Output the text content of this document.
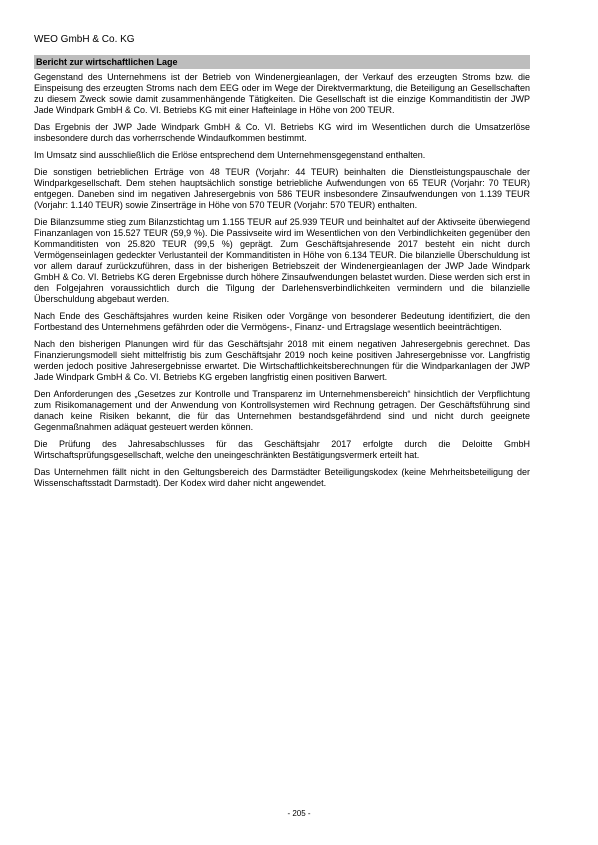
WEO GmbH & Co. KG
Bericht zur wirtschaftlichen Lage

Gegenstand des Unternehmens ist der Betrieb von Windenergieanlagen, der Verkauf des erzeugten Stroms bzw. die Einspeisung des erzeugten Stroms nach dem EEG oder im Wege der Direktvermarktung, die Beteiligung an Gesellschaften zu diesem Zweck sowie damit zusammenhängende Tätigkeiten. Die Gesellschaft ist die einzige Kommanditistin der JWP Jade Windpark GmbH & Co. VI. Betriebs KG mit einer Hafteinlage in Höhe von 200 TEUR.

Das Ergebnis der JWP Jade Windpark GmbH & Co. VI. Betriebs KG wird im Wesentlichen durch die Umsatzerlöse insbesondere durch das vorherrschende Windaufkommen bestimmt.

Im Umsatz sind ausschließlich die Erlöse entsprechend dem Unternehmensgegenstand enthalten.

Die sonstigen betrieblichen Erträge von 48 TEUR (Vorjahr: 44 TEUR) beinhalten die Dienstleistungspauschale der Windparkgesellschaft. Dem stehen hauptsächlich sonstige betriebliche Aufwendungen von 65 TEUR (Vorjahr: 70 TEUR) entgegen. Daneben sind im negativen Jahresergebnis von 586 TEUR insbesondere Zinsaufwendungen von 1.139 TEUR (Vorjahr: 1.140 TEUR) sowie Zinserträge in Höhe von 570 TEUR (Vorjahr: 570 TEUR) enthalten.

Die Bilanzsumme stieg zum Bilanzstichtag um 1.155 TEUR auf 25.939 TEUR und beinhaltet auf der Aktivseite überwiegend Finanzanlagen von 15.527 TEUR (59,9 %). Die Passivseite wird im Wesentlichen von den Verbindlichkeiten gegenüber den Kommanditisten von 25.820 TEUR (99,5 %) geprägt. Zum Geschäftsjahresende 2017 besteht ein nicht durch Vermögenseinlagen gedeckter Verlustanteil der Kommanditisten in Höhe von 6.134 TEUR. Die bilanzielle Überschuldung ist vor allem darauf zurückzuführen, dass in der bisherigen Betriebszeit der Windenergieanlagen der JWP Jade Windpark GmbH & Co. VI. Betriebs KG deren Ergebnisse durch höhere Zinsaufwendungen belastet wurden. Diese werden sich erst in den Folgejahren voraussichtlich durch die Tilgung der Darlehensverbindlichkeiten vermindern und die bilanzielle Überschuldung abgebaut werden.

Nach Ende des Geschäftsjahres wurden keine Risiken oder Vorgänge von besonderer Bedeutung identifiziert, die den Fortbestand des Unternehmens gefährden oder die Vermögens-, Finanz- und Ertragslage wesentlich beeinträchtigen.

Nach den bisherigen Planungen wird für das Geschäftsjahr 2018 mit einem negativen Jahresergebnis gerechnet. Das Finanzierungsmodell sieht mittelfristig bis zum Geschäftsjahr 2019 noch keine positiven Jahresergebnisse vor. Langfristig werden jedoch positive Jahresergebnisse erwartet. Die Wirtschaftlichkeitsberechnungen für die Windparkanlagen der JWP Jade Windpark GmbH & Co. VI. Betriebs KG ergeben langfristig einen positiven Barwert.

Den Anforderungen des „Gesetzes zur Kontrolle und Transparenz im Unternehmensbereich“ hinsichtlich der Verpflichtung zum Risikomanagement und der Anwendung von Kontrollsystemen wird Rechnung getragen. Der Geschäftsführung sind danach keine Risiken bekannt, die für das Unternehmen bestandsgefährdend sind und nicht durch geeignete Gegenmaßnahmen adäquat gesteuert werden können.

Die Prüfung des Jahresabschlusses für das Geschäftsjahr 2017 erfolgte durch die Deloitte GmbH Wirtschaftsprüfungsgesellschaft, welche den uneingeschränkten Bestätigungsvermerk erteilt hat.

Das Unternehmen fällt nicht in den Geltungsbereich des Darmstädter Beteiligungskodex (keine Mehrheitsbeteiligung der Wissenschaftsstadt Darmstadt). Der Kodex wird daher nicht angewendet.

- 205 -
